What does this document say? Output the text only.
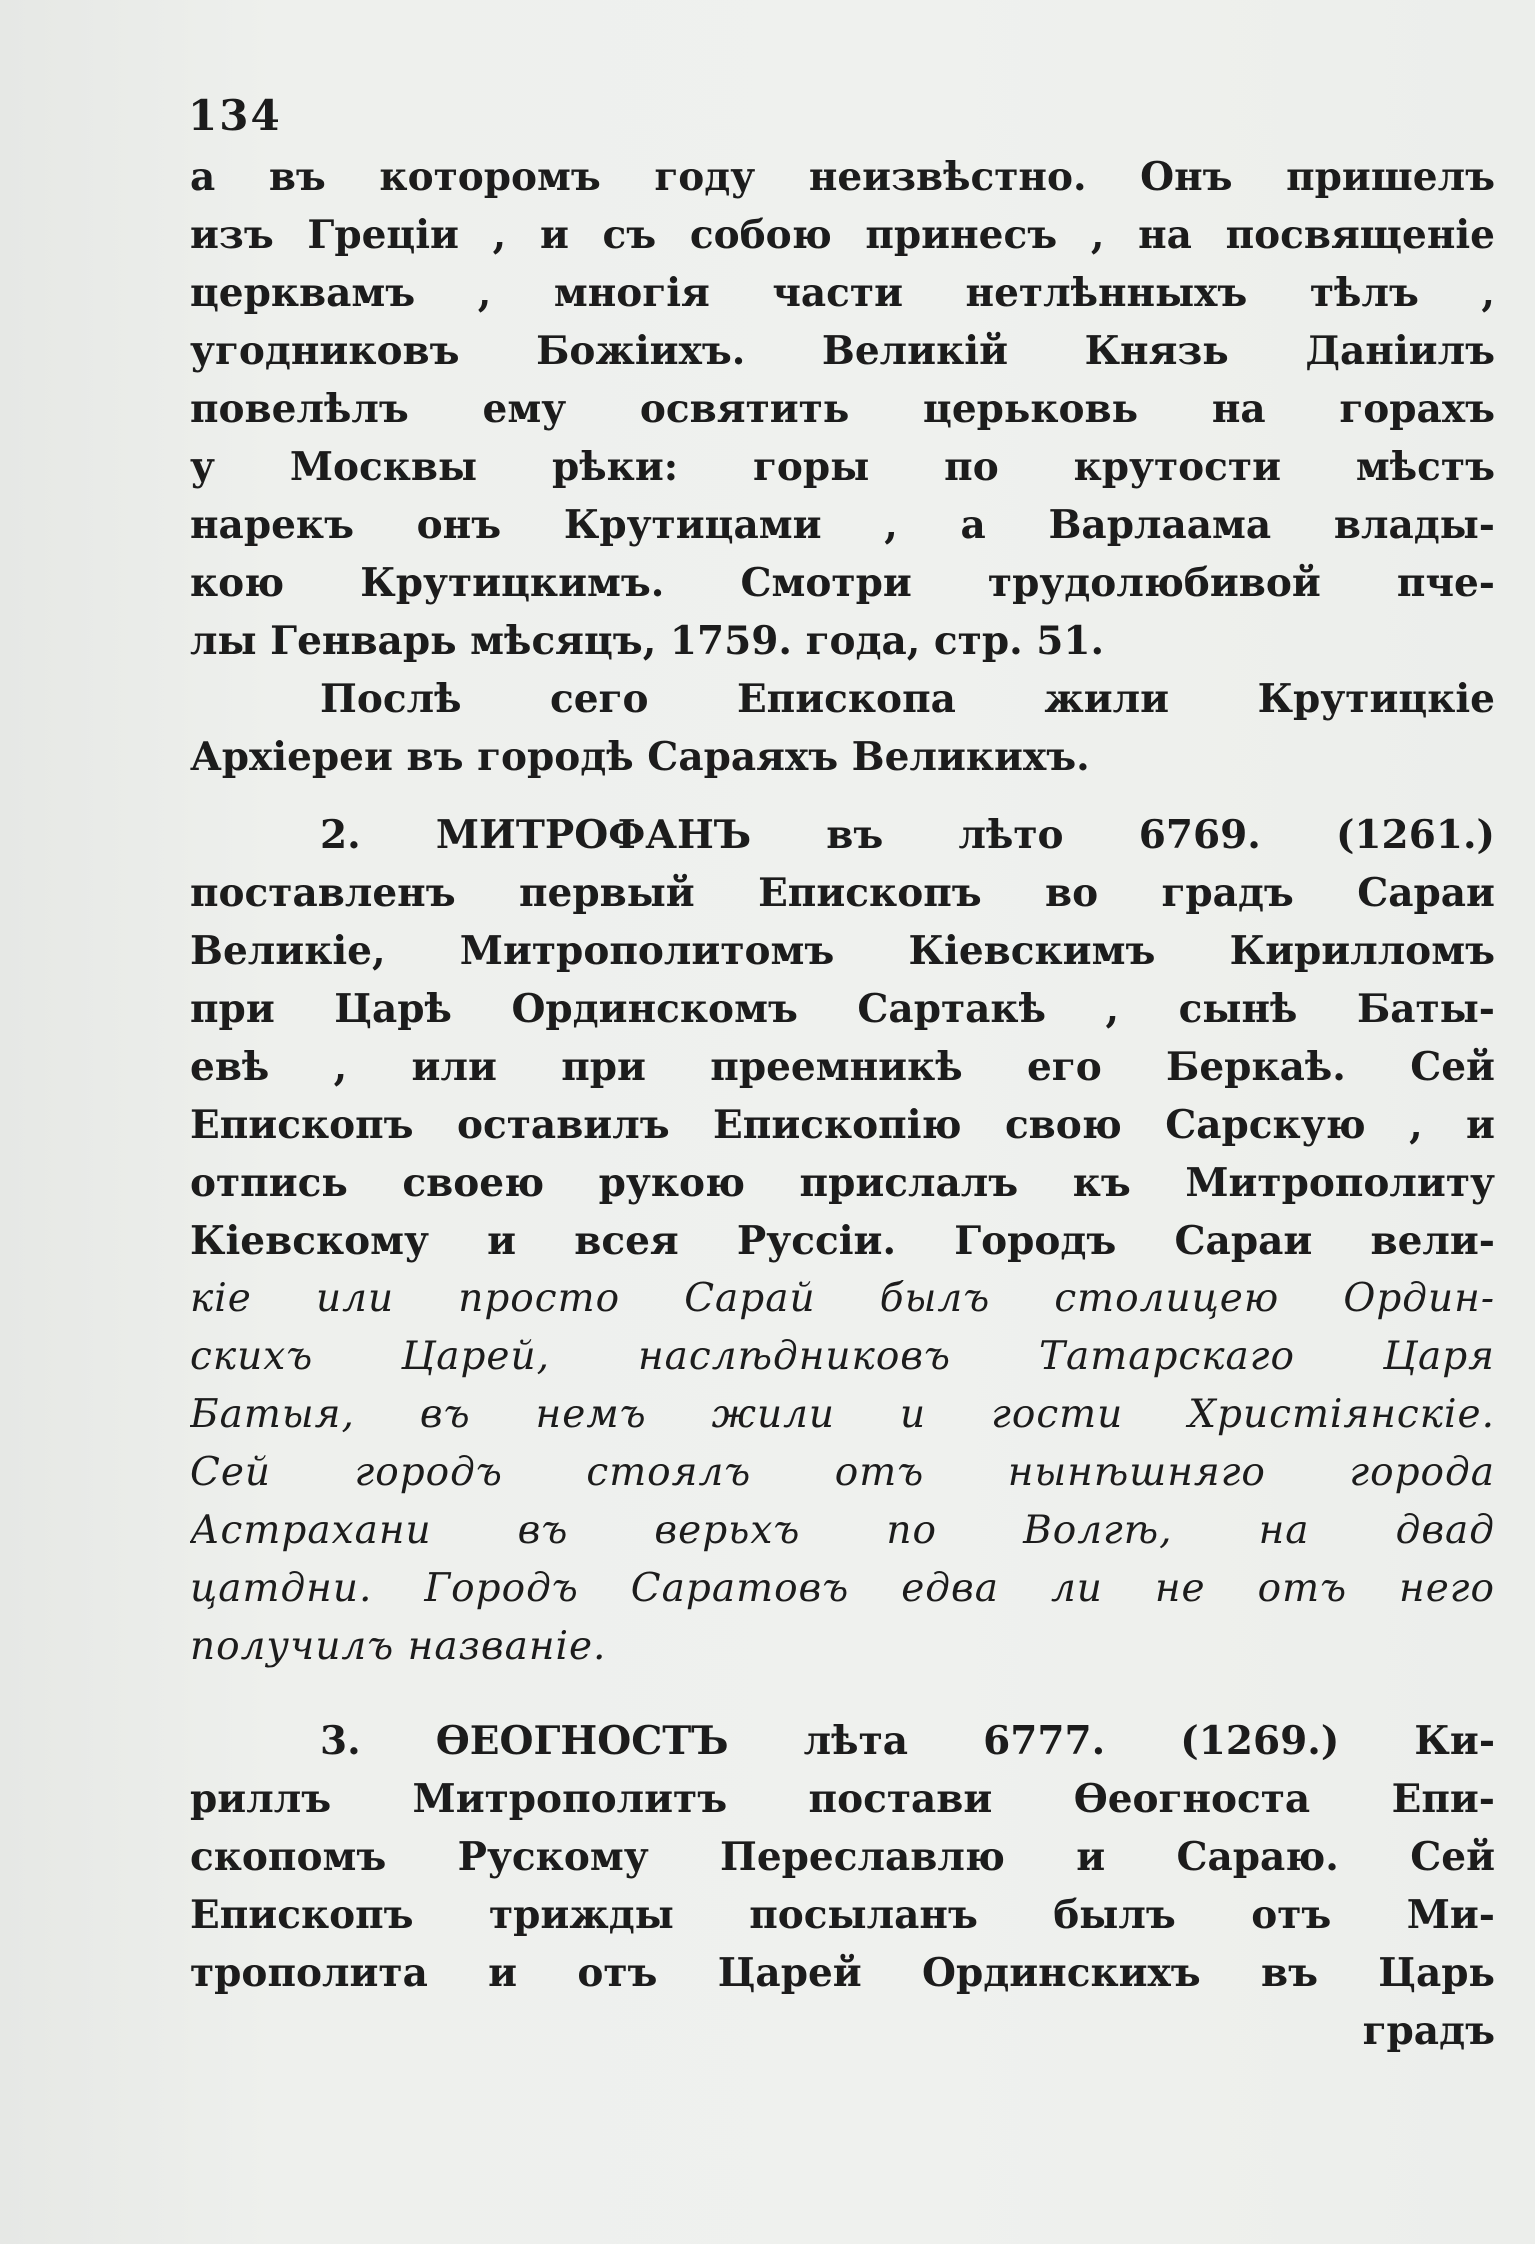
134
а въ которомъ году неизвѣстно. Онъ пришелъ
изъ Греціи , и съ собою принесъ , на посвященіе
церквамъ , многія части нетлѣнныхъ тѣлъ ,
угодниковъ Божіихъ. Великій Князь Даніилъ
повелѣлъ ему освятить церьковь на горахъ
у Москвы рѣки: горы по крутости мѣстъ
нарекъ онъ Крутицами , а Варлаама влады-
кою Крутицкимъ. Смотри трудолюбивой пче-
лы Генварь мѣсяцъ, 1759. года, стр. 51.
Послѣ сего Епископа жили Крутицкіе
Архіереи въ городѣ Сараяхъ Великихъ.
2. МИТРОФАНЪ въ лѣто 6769. (1261.)
поставленъ первый Епископъ во градъ Сараи
Великіе, Митрополитомъ Кіевскимъ Кирилломъ
при Царѣ Ординскомъ Сартакѣ , сынѣ Баты-
евѣ , или при преемникѣ его Беркаѣ. Сей
Епископъ оставилъ Епископію свою Сарскую , и
отпись своею рукою прислалъ къ Митрополиту
Кіевскому и всея Руссіи. Городъ Сараи вели-
кіе или просто Сарай былъ столицею Ордин-
скихъ Царей, наслѣдниковъ Татарскаго Царя
Батыя, въ немъ жили и гости Христіянскіе.
Сей городъ стоялъ отъ нынѣшняго города
Астрахани въ верьхъ по Волгѣ, на двад
цатдни. Городъ Саратовъ едва ли не отъ него
получилъ названіе.
3. ѲЕОГНОСТЪ лѣта 6777. (1269.) Ки-
риллъ Митрополитъ постави Ѳеогноста Епи-
скопомъ Рускому Переславлю и Сараю. Сей
Епископъ трижды посыланъ былъ отъ Ми-
трополита и отъ Царей Ординскихъ въ Царь
градъ
